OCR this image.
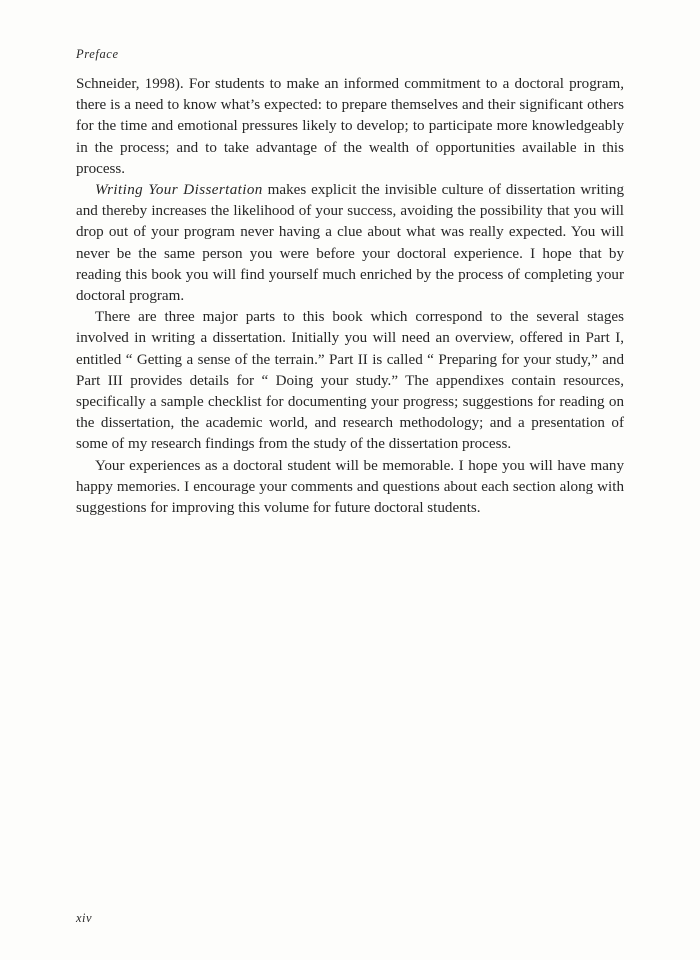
Preface

Schneider, 1998). For students to make an informed commitment to a doctoral program, there is a need to know what’s expected: to prepare themselves and their significant others for the time and emotional pressures likely to develop; to participate more knowledgeably in the process; and to take advantage of the wealth of opportunities available in this process.

Writing Your Dissertation makes explicit the invisible culture of dissertation writing and thereby increases the likelihood of your success, avoiding the possibility that you will drop out of your program never having a clue about what was really expected. You will never be the same person you were before your doctoral experience. I hope that by reading this book you will find yourself much enriched by the process of completing your doctoral program.

There are three major parts to this book which correspond to the several stages involved in writing a dissertation. Initially you will need an overview, offered in Part I, entitled “ Getting a sense of the terrain.” Part II is called “ Preparing for your study,” and Part III provides details for “ Doing your study.” The appendixes contain resources, specifically a sample checklist for documenting your progress; suggestions for reading on the dissertation, the academic world, and research methodology; and a presentation of some of my research findings from the study of the dissertation process.

Your experiences as a doctoral student will be memorable. I hope you will have many happy memories. I encourage your comments and questions about each section along with suggestions for improving this volume for future doctoral students.

xiv
